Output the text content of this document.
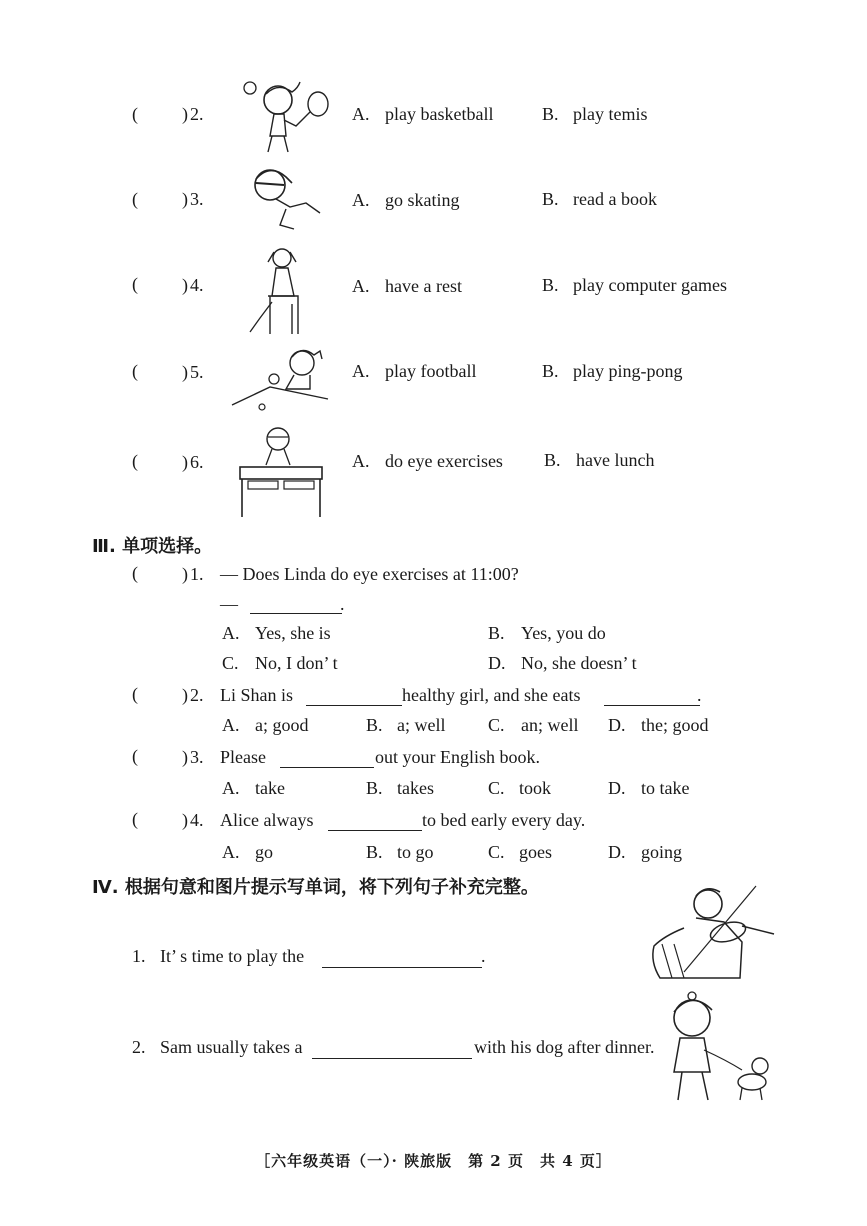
( ) 2.	A. play basketball	B. play temis
( ) 3.	A. go skating	B. read a book
( ) 4.	A. have a rest	B. play computer games
( ) 5.	A. play football	B. play ping-pong
( ) 6.	A. do eye exercises B. have lunch
Ⅲ. 单项选择。
( ) 1. — Does Linda do eye exercises at 11:00?
—	.
A. Yes, she is	B. Yes, you do
C. No, I don’ t	D. No, she doesn’ t
( ) 2. Li Shan is	healthy girl, and she eats	.
A. a; good	B. a; well C. an; well D. the; good
( ) 3. Please	out your English book.
A. take	B. takes	C. took	D. to take
( ) 4. Alice always	to bed early every day.
A. go	B. to go	C. goes	D. going
Ⅳ. 根据句意和图片提示写单词，将下列句子补充完整。
1. It’ s time to play the	.
2. Sam usually takes a	with his dog after dinner.
［六年级英语（一）· 陕旅版　第 2 页　共 4 页］
